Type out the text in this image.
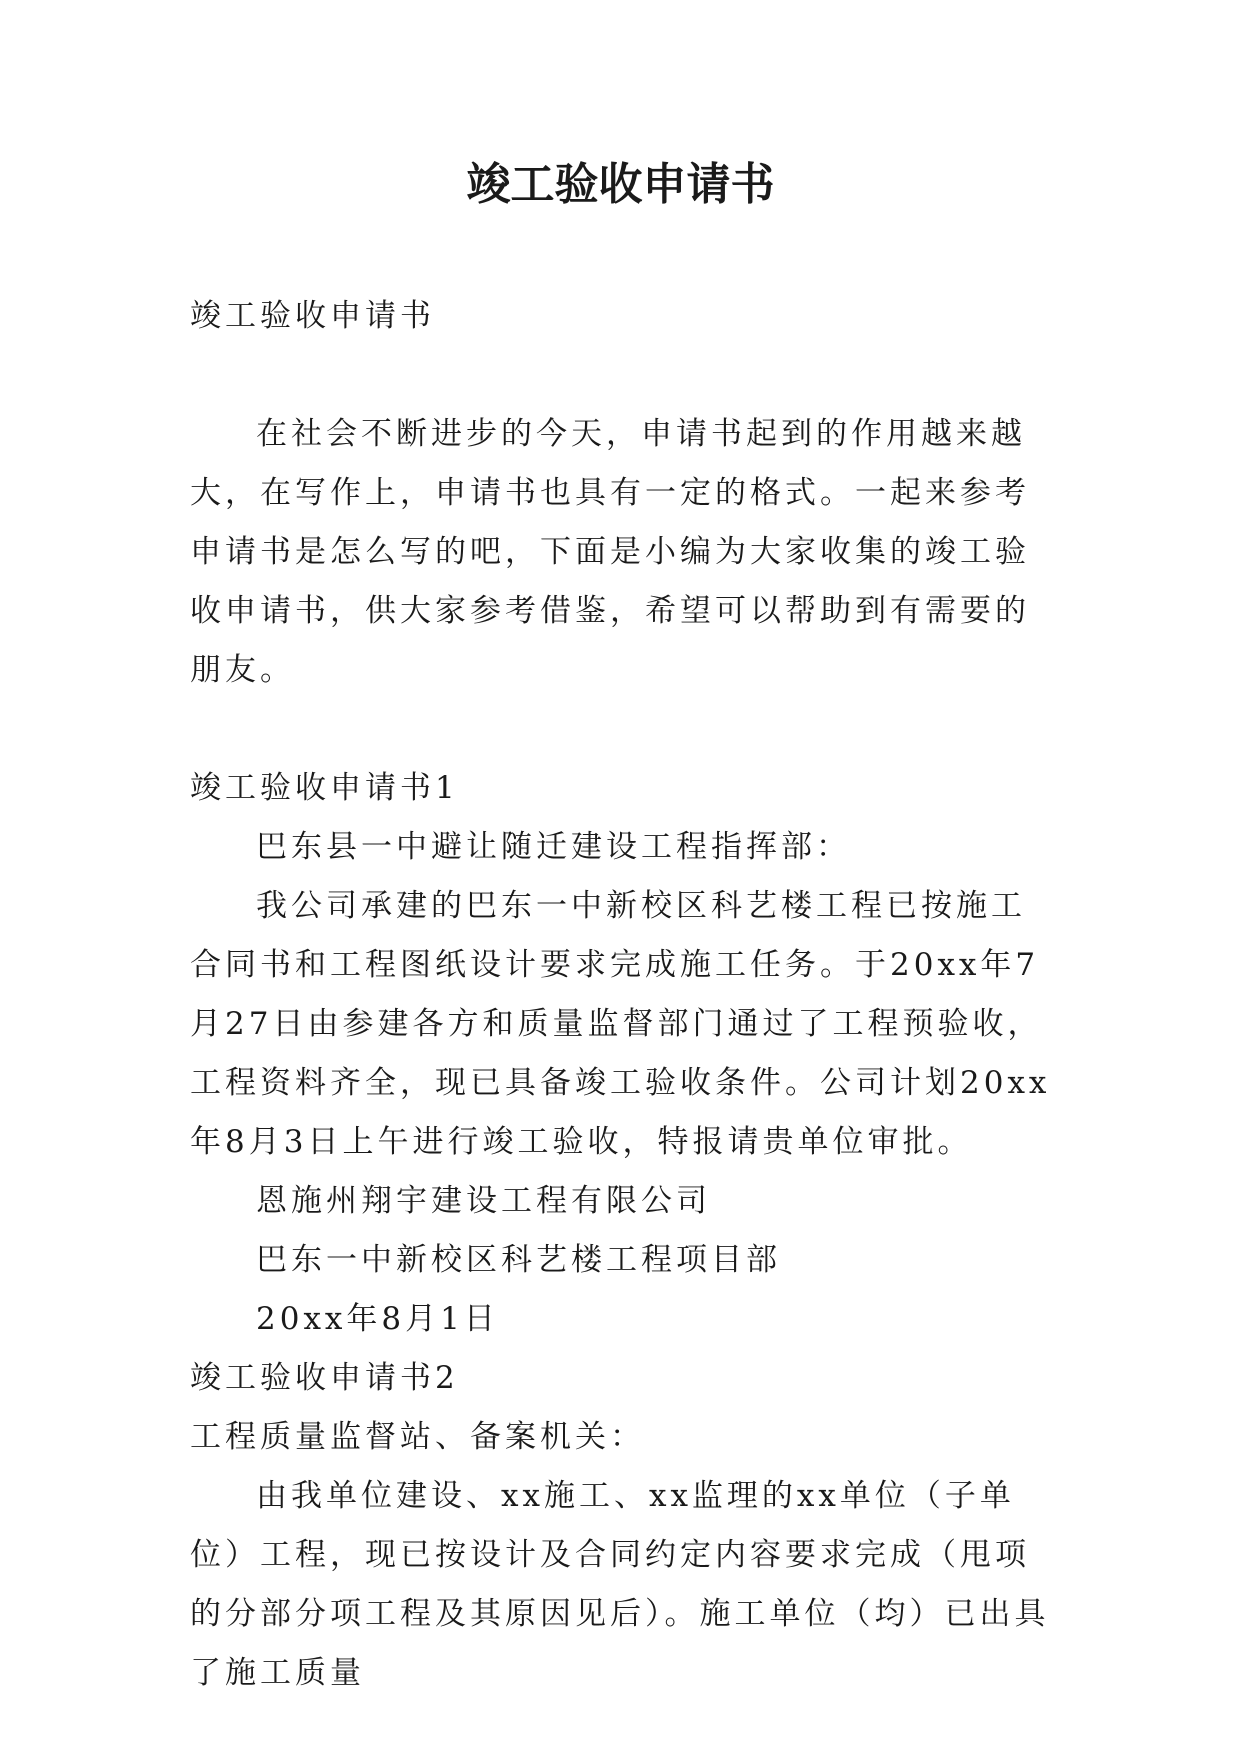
竣工验收申请书

竣工验收申请书

在社会不断进步的今天，申请书起到的作用越来越大，在写作上，申请书也具有一定的格式。一起来参考申请书是怎么写的吧，下面是小编为大家收集的竣工验收申请书，供大家参考借鉴，希望可以帮助到有需要的朋友。

竣工验收申请书1

巴东县一中避让随迁建设工程指挥部：

我公司承建的巴东一中新校区科艺楼工程已按施工合同书和工程图纸设计要求完成施工任务。于20xx年7月27日由参建各方和质量监督部门通过了工程预验收，工程资料齐全，现已具备竣工验收条件。公司计划20xx年8月3日上午进行竣工验收，特报请贵单位审批。

恩施州翔宇建设工程有限公司

巴东一中新校区科艺楼工程项目部

20xx年8月1日

竣工验收申请书2

工程质量监督站、备案机关：

由我单位建设、xx施工、xx监理的xx单位（子单位）工程，现已按设计及合同约定内容要求完成（甩项的分部分项工程及其原因见后）。施工单位（均）已出具了施工质量
